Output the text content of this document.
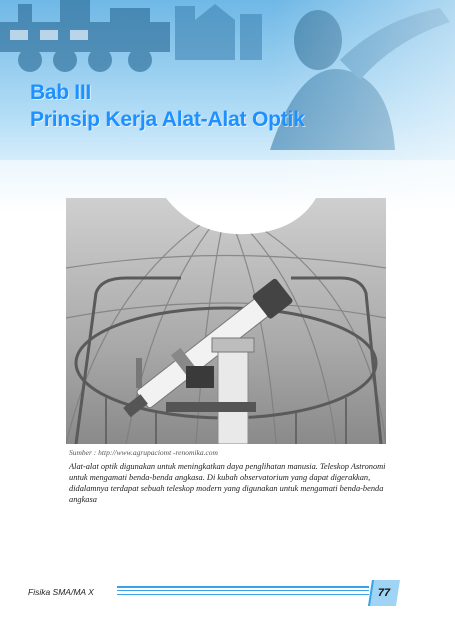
Bab III
Prinsip Kerja Alat-Alat Optik

Sumber : http://www.agrupaciomt -renomika.com

Alat-alat optik digunakan untuk meningkatkan daya penglihatan manusia. Teleskop Astronomi untuk mengamati benda-benda angkasa. Di kubah observatorium yang dapat digerakkan, didalamnya terdapat sebuah teleskop modern yang digunakan untuk mengamati benda-benda angkasa

Fisika SMA/MA X	77
